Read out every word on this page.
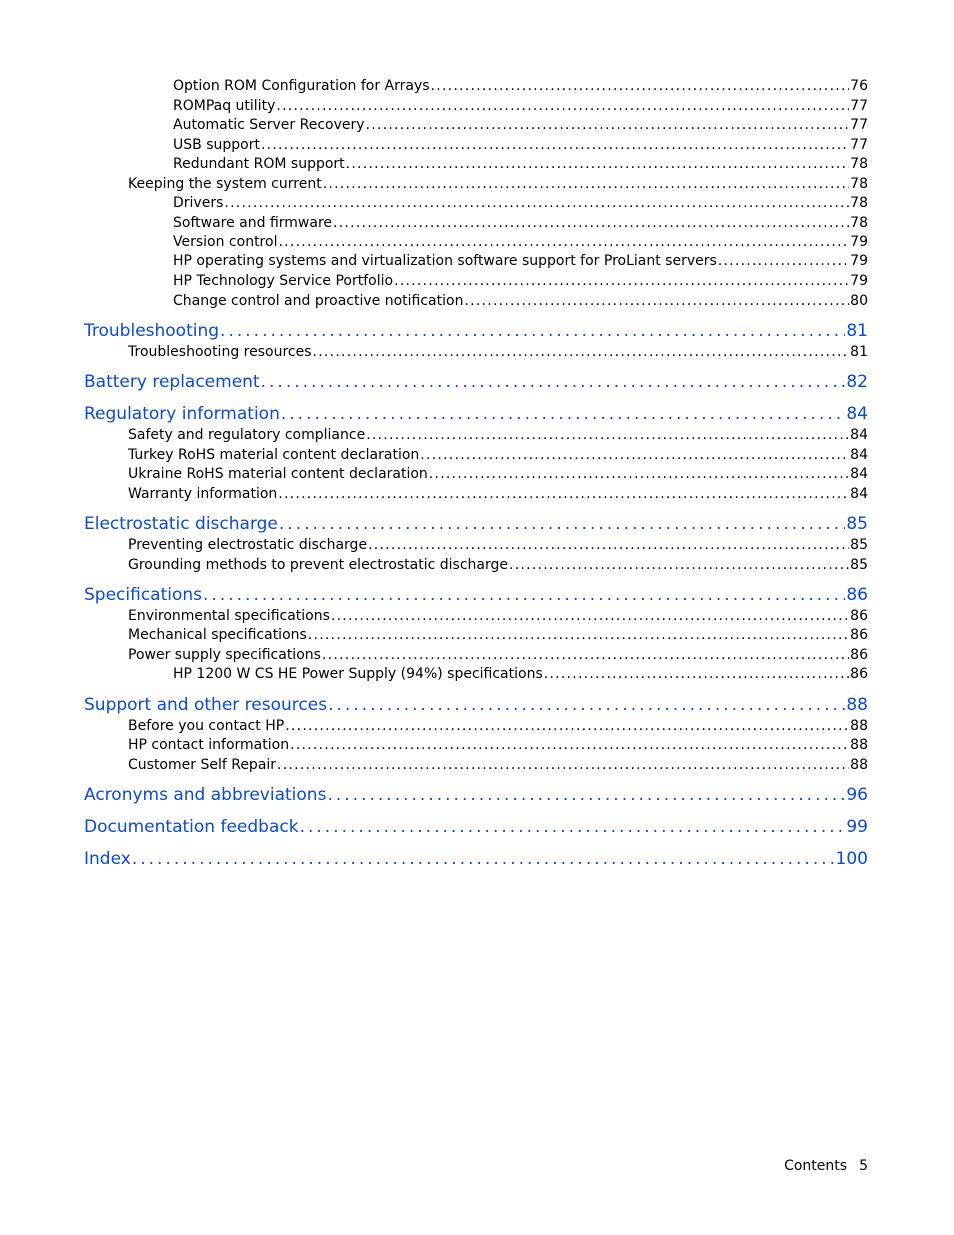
Option ROM Configuration for Arrays . . .	76
ROMPaq utility . . .	77
Automatic Server Recovery . . .	77
USB support . . .	77
Redundant ROM support . . .	78
Keeping the system current . . .	78
Drivers . . .	78
Software and firmware . . .	78
Version control . . .	79
HP operating systems and virtualization software support for ProLiant servers . . .	79
HP Technology Service Portfolio . . .	79
Change control and proactive notification . . .	80
Troubleshooting . . .	81
Troubleshooting resources . . .	81
Battery replacement . . .	82
Regulatory information . . .	84
Safety and regulatory compliance . . .	84
Turkey RoHS material content declaration . . .	84
Ukraine RoHS material content declaration . . .	84
Warranty information . . .	84
Electrostatic discharge . . .	85
Preventing electrostatic discharge . . .	85
Grounding methods to prevent electrostatic discharge . . .	85
Specifications . . .	86
Environmental specifications . . .	86
Mechanical specifications . . .	86
Power supply specifications . . .	86
HP 1200 W CS HE Power Supply (94%) specifications . . .	86
Support and other resources . . .	88
Before you contact HP . . .	88
HP contact information . . .	88
Customer Self Repair . . .	88
Acronyms and abbreviations . . .	96
Documentation feedback . . .	99
Index . . .	100
Contents 5
